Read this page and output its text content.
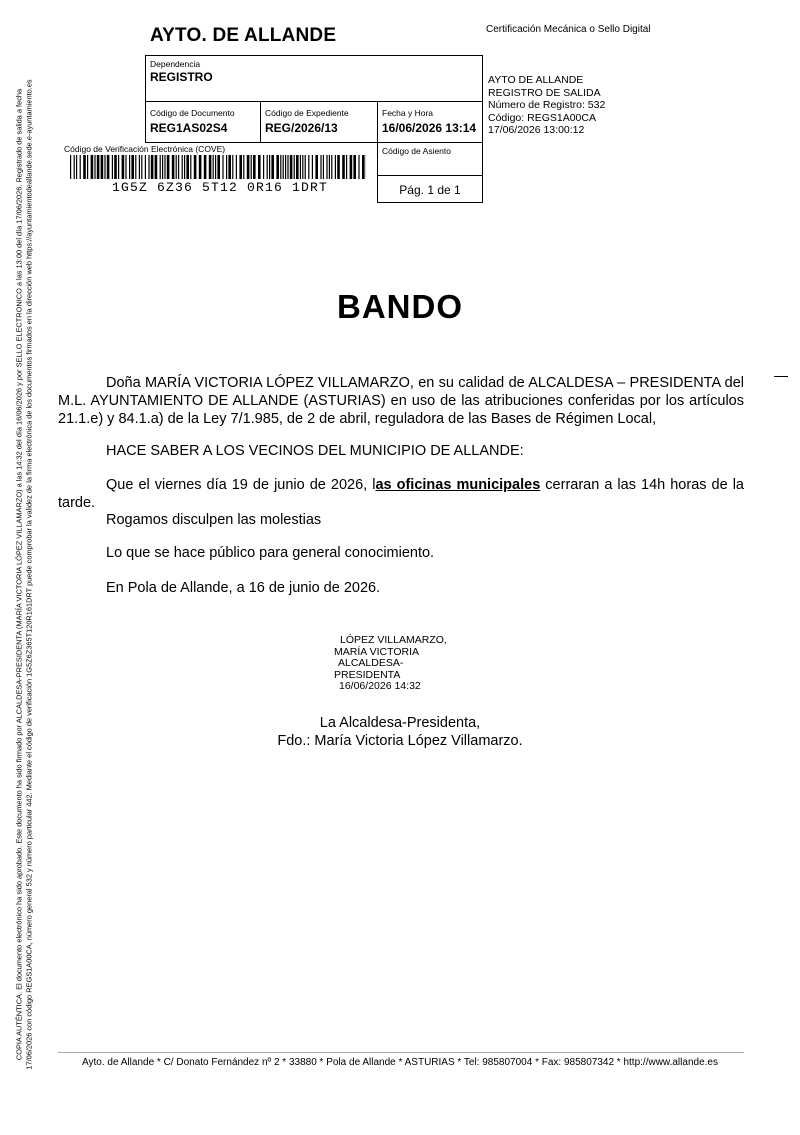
AYTO. DE ALLANDE	Certificación Mecánica o Sello Digital
Dependencia
REGISTRO
Código de Documento
REG1AS02S4
Código de Expediente
REG/2026/13
Fecha y Hora
16/06/2026 13:14
Código de Asiento
Pág. 1 de 1
AYTO DE ALLANDE
REGISTRO DE SALIDA
Número de Registro: 532
Código: REGS1A00CA
17/06/2026 13:00:12
Código de Verificación Electrónica (COVE)
1G5Z 6Z36 5T12 0R16 1DRT
COPIA AUTÉNTICA. El documento electrónico ha sido aprobado. Este documento ha sido firmado por ALCALDESA-PRESIDENTA (MARÍA VICTORIA LÓPEZ VILLAMARZO) a las 14:32 del día 16/06/2026 y por SELLO ELECTRONICO a las 13:00 del día 17/06/2026. Registrado de salida a fecha 17/06/2026 con código REGS1A00CA, número general 532 y número particular 442. Mediante el código de verificación 1G5Z6Z365T120R161DRT puede comprobar la validez de la firma electrónica de los documentos firmados en la dirección web https://ayuntamientodeallande.sede.e-ayuntamiento.es	BANDO
Doña MARÍA VICTORIA LÓPEZ VILLAMARZO, en su calidad de ALCALDESA – PRESIDENTA del M.L. AYUNTAMIENTO DE ALLANDE (ASTURIAS) en uso de las atribuciones conferidas por los artículos 21.1.e) y 84.1.a) de la Ley 7/1.985, de 2 de abril, reguladora de las Bases de Régimen Local,
HACE SABER A LOS VECINOS DEL MUNICIPIO DE ALLANDE:
Que el viernes día 19 de junio de 2026, las oficinas municipales cerraran a las 14h horas de la tarde.
Rogamos disculpen las molestias
Lo que se hace público para general conocimiento.
En Pola de Allande, a 16 de junio de 2026.
LÓPEZ VILLAMARZO,
MARÍA VICTORIA
ALCALDESA-
PRESIDENTA
16/06/2026 14:32
La Alcaldesa-Presidenta,
Fdo.: María Victoria López Villamarzo.
Ayto. de Allande * C/ Donato Fernández nº 2 * 33880 * Pola de Allande * ASTURIAS * Tel: 985807004 * Fax: 985807342 * http://www.allande.es
